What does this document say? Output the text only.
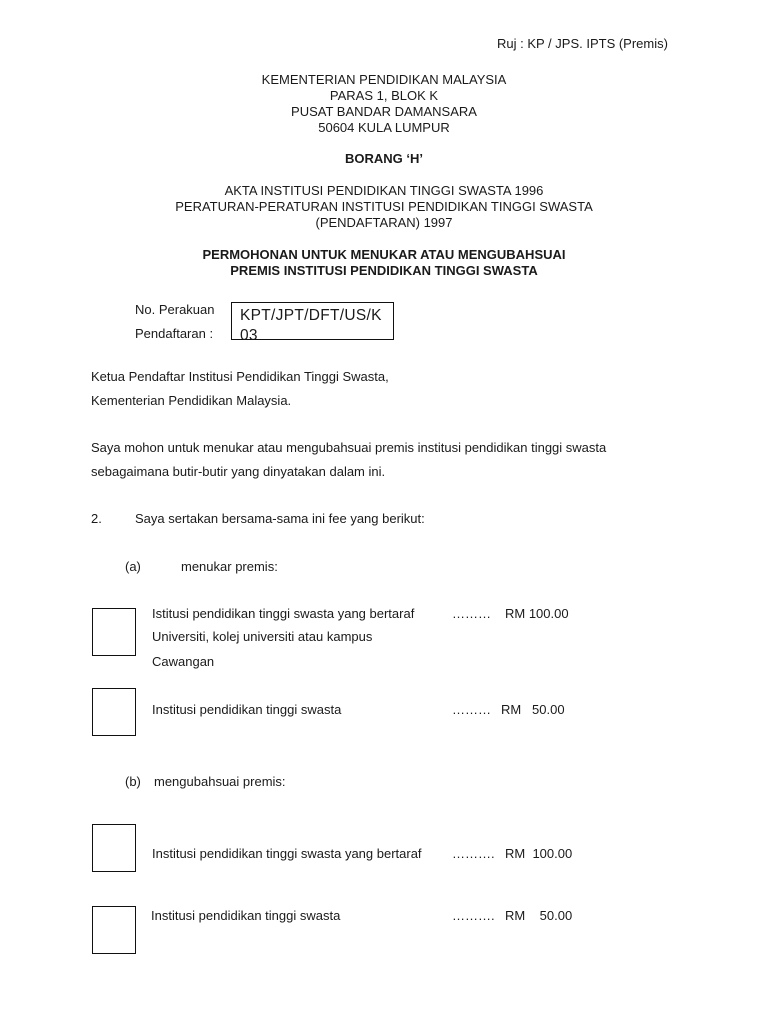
Ruj : KP / JPS. IPTS (Premis)
KEMENTERIAN PENDIDIKAN MALAYSIA
PARAS 1, BLOK K
PUSAT BANDAR DAMANSARA
50604 KULA LUMPUR
BORANG ‘H’
AKTA INSTITUSI PENDIDIKAN TINGGI SWASTA 1996
PERATURAN-PERATURAN INSTITUSI PENDIDIKAN TINGGI SWASTA
(PENDAFTARAN) 1997
PERMOHONAN UNTUK MENUKAR ATAU MENGUBAHSUAI
PREMIS INSTITUSI PENDIDIKAN TINGGI SWASTA
No. Perakuan
Pendaftaran :
KPT/JPT/DFT/US/K03
Ketua Pendaftar Institusi Pendidikan Tinggi Swasta,
Kementerian Pendidikan Malaysia.
Saya mohon untuk menukar atau mengubahsuai premis institusi pendidikan tinggi swasta
sebagaimana butir-butir yang dinyatakan dalam ini.
2.	Saya sertakan bersama-sama ini fee yang berikut:
(a)	menukar premis:
Istitusi pendidikan tinggi swasta yang bertaraf
Universiti, kolej universiti atau kampus
Cawangan
……… RM 100.00
Institusi pendidikan tinggi swasta	……… RM   50.00
(b) mengubahsuai premis:
Institusi pendidikan tinggi swasta yang bertaraf ………. RM  100.00
Institusi pendidikan tinggi swasta	………. RM    50.00
